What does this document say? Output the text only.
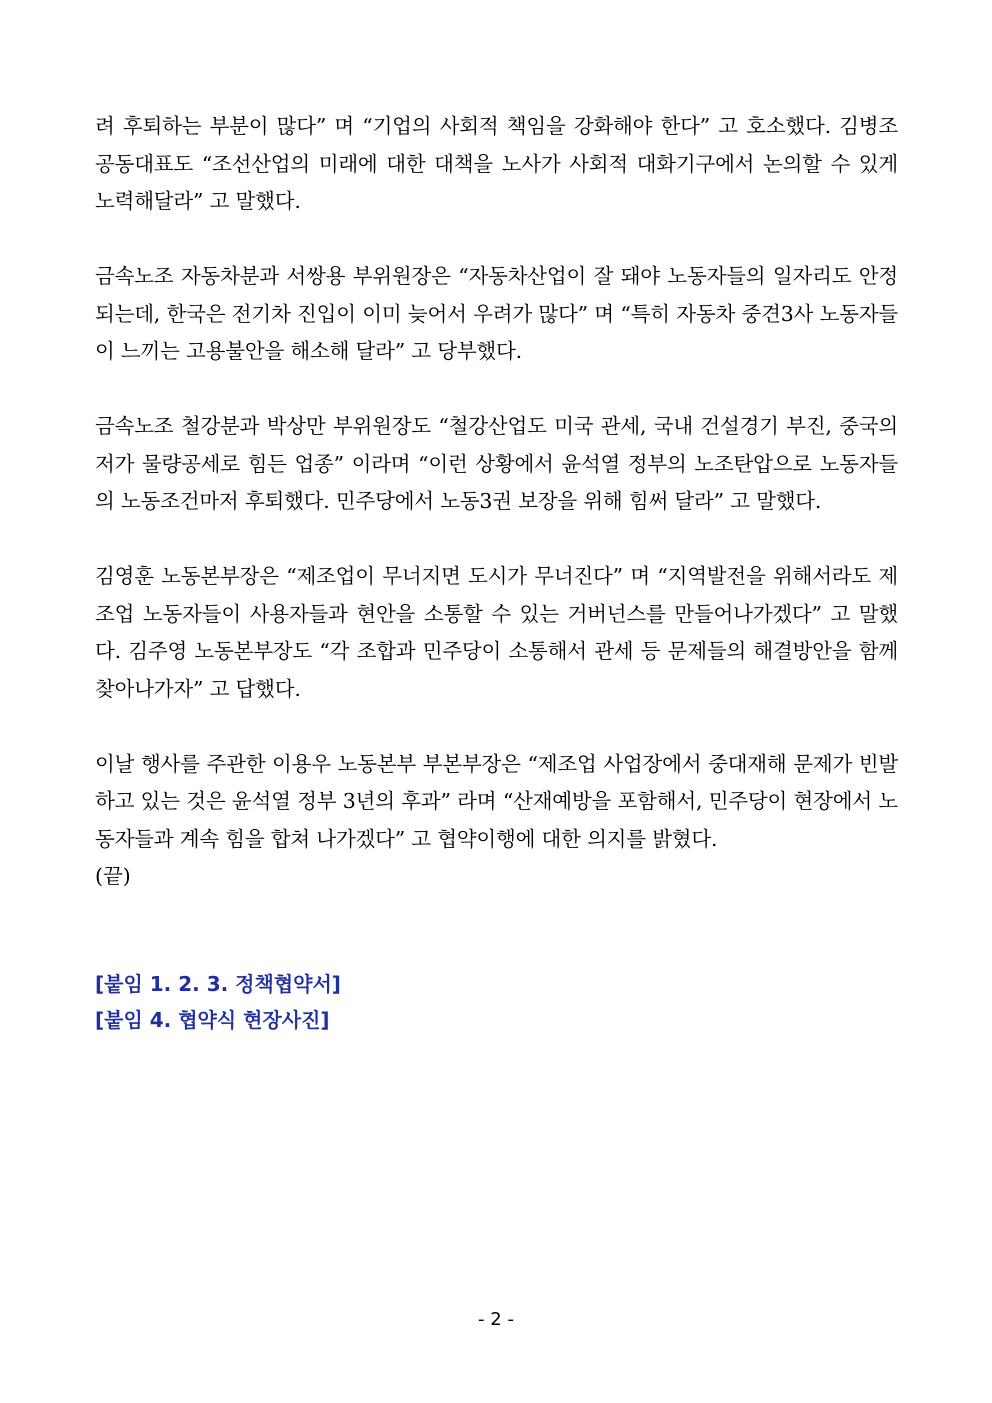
려 후퇴하는 부분이 많다” 며 “기업의 사회적 책임을 강화해야 한다” 고 호소했다. 김병조 공동대표도 “조선산업의 미래에 대한 대책을 노사가 사회적 대화기구에서 논의할 수 있게 노력해달라” 고 말했다.

금속노조 자동차분과 서쌍용 부위원장은 “자동차산업이 잘 돼야 노동자들의 일자리도 안정되는데, 한국은 전기차 진입이 이미 늦어서 우려가 많다” 며 “특히 자동차 중견3사 노동자들이 느끼는 고용불안을 해소해 달라” 고 당부했다.

금속노조 철강분과 박상만 부위원장도 “철강산업도 미국 관세, 국내 건설경기 부진, 중국의 저가 물량공세로 힘든 업종” 이라며 “이런 상황에서 윤석열 정부의 노조탄압으로 노동자들의 노동조건마저 후퇴했다. 민주당에서 노동3권 보장을 위해 힘써 달라” 고 말했다.

김영훈 노동본부장은 “제조업이 무너지면 도시가 무너진다” 며 “지역발전을 위해서라도 제조업 노동자들이 사용자들과 현안을 소통할 수 있는 거버넌스를 만들어나가겠다” 고 말했다. 김주영 노동본부장도 “각 조합과 민주당이 소통해서 관세 등 문제들의 해결방안을 함께 찾아나가자” 고 답했다.

이날 행사를 주관한 이용우 노동본부 부본부장은 “제조업 사업장에서 중대재해 문제가 빈발하고 있는 것은 윤석열 정부 3년의 후과” 라며 “산재예방을 포함해서, 민주당이 현장에서 노동자들과 계속 힘을 합쳐 나가겠다” 고 협약이행에 대한 의지를 밝혔다.

(끝)

[붙임 1. 2. 3. 정책협약서]

[붙임 4. 협약식 현장사진]

- 2 -
